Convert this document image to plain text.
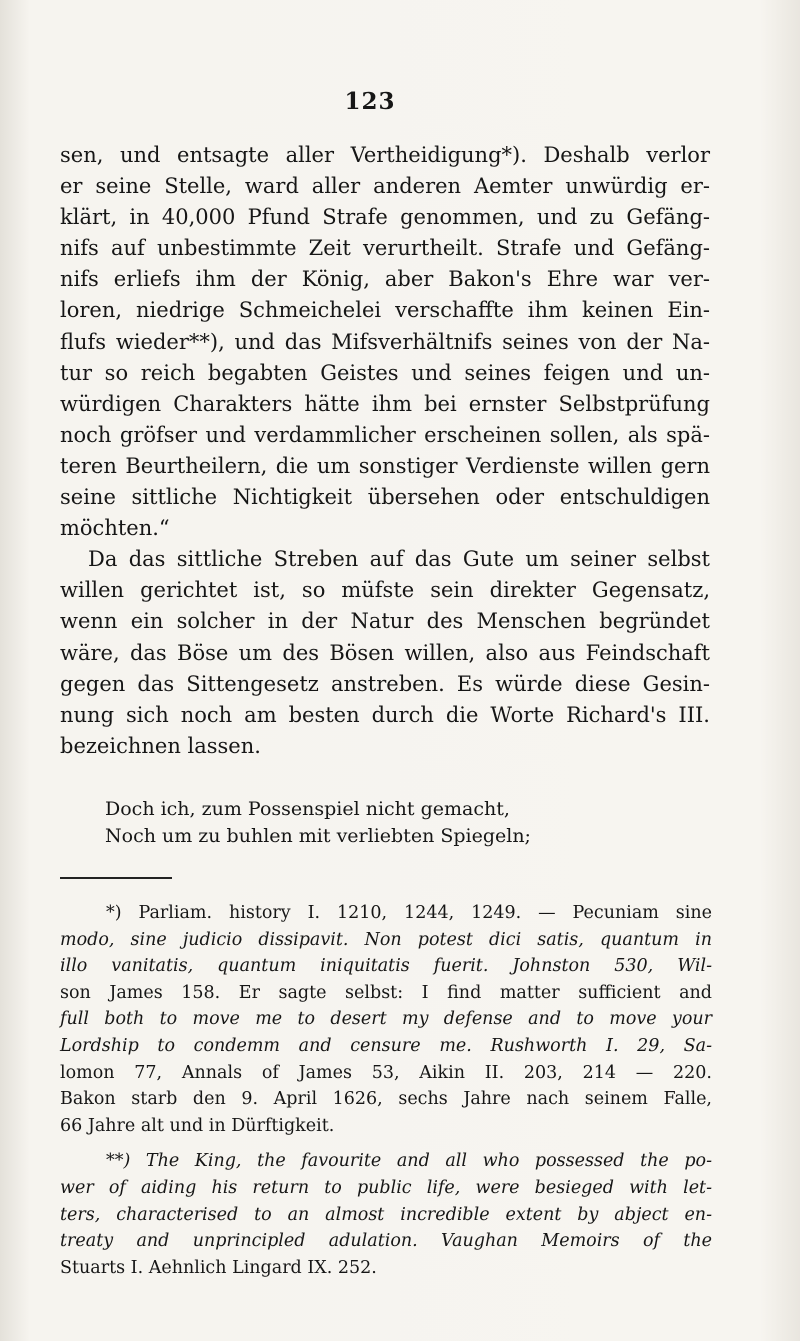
123
sen, und entsagte aller Vertheidigung*). Deshalb verlor
er seine Stelle, ward aller anderen Aemter unwürdig er-
klärt, in 40,000 Pfund Strafe genommen, und zu Gefäng-
nifs auf unbestimmte Zeit verurtheilt. Strafe und Gefäng-
nifs erliefs ihm der König, aber Bakon's Ehre war ver-
loren, niedrige Schmeichelei verschaffte ihm keinen Ein-
flufs wieder**), und das Mifsverhältnifs seines von der Na-
tur so reich begabten Geistes und seines feigen und un-
würdigen Charakters hätte ihm bei ernster Selbstprüfung
noch gröfser und verdammlicher erscheinen sollen, als spä-
teren Beurtheilern, die um sonstiger Verdienste willen gern
seine sittliche Nichtigkeit übersehen oder entschuldigen
möchten.“
Da das sittliche Streben auf das Gute um seiner selbst
willen gerichtet ist, so müfste sein direkter Gegensatz,
wenn ein solcher in der Natur des Menschen begründet
wäre, das Böse um des Bösen willen, also aus Feindschaft
gegen das Sittengesetz anstreben. Es würde diese Gesin-
nung sich noch am besten durch die Worte Richard's III.
bezeichnen lassen.
Doch ich, zum Possenspiel nicht gemacht,
Noch um zu buhlen mit verliebten Spiegeln;
*) Parliam. history I. 1210, 1244, 1249. — Pecuniam sine
modo, sine judicio dissipavit. Non potest dici satis, quantum in
illo vanitatis, quantum iniquitatis fuerit. Johnston 530, Wil-
son James 158. Er sagte selbst: I find matter sufficient and
full both to move me to desert my defense and to move your
Lordship to condemm and censure me. Rushworth I. 29, Sa-
lomon 77, Annals of James 53, Aikin II. 203, 214 — 220.
Bakon starb den 9. April 1626, sechs Jahre nach seinem Falle,
66 Jahre alt und in Dürftigkeit.
**) The King, the favourite and all who possessed the po-
wer of aiding his return to public life, were besieged with let-
ters, characterised to an almost incredible extent by abject en-
treaty and unprincipled adulation. Vaughan Memoirs of the
Stuarts I. Aehnlich Lingard IX. 252.
